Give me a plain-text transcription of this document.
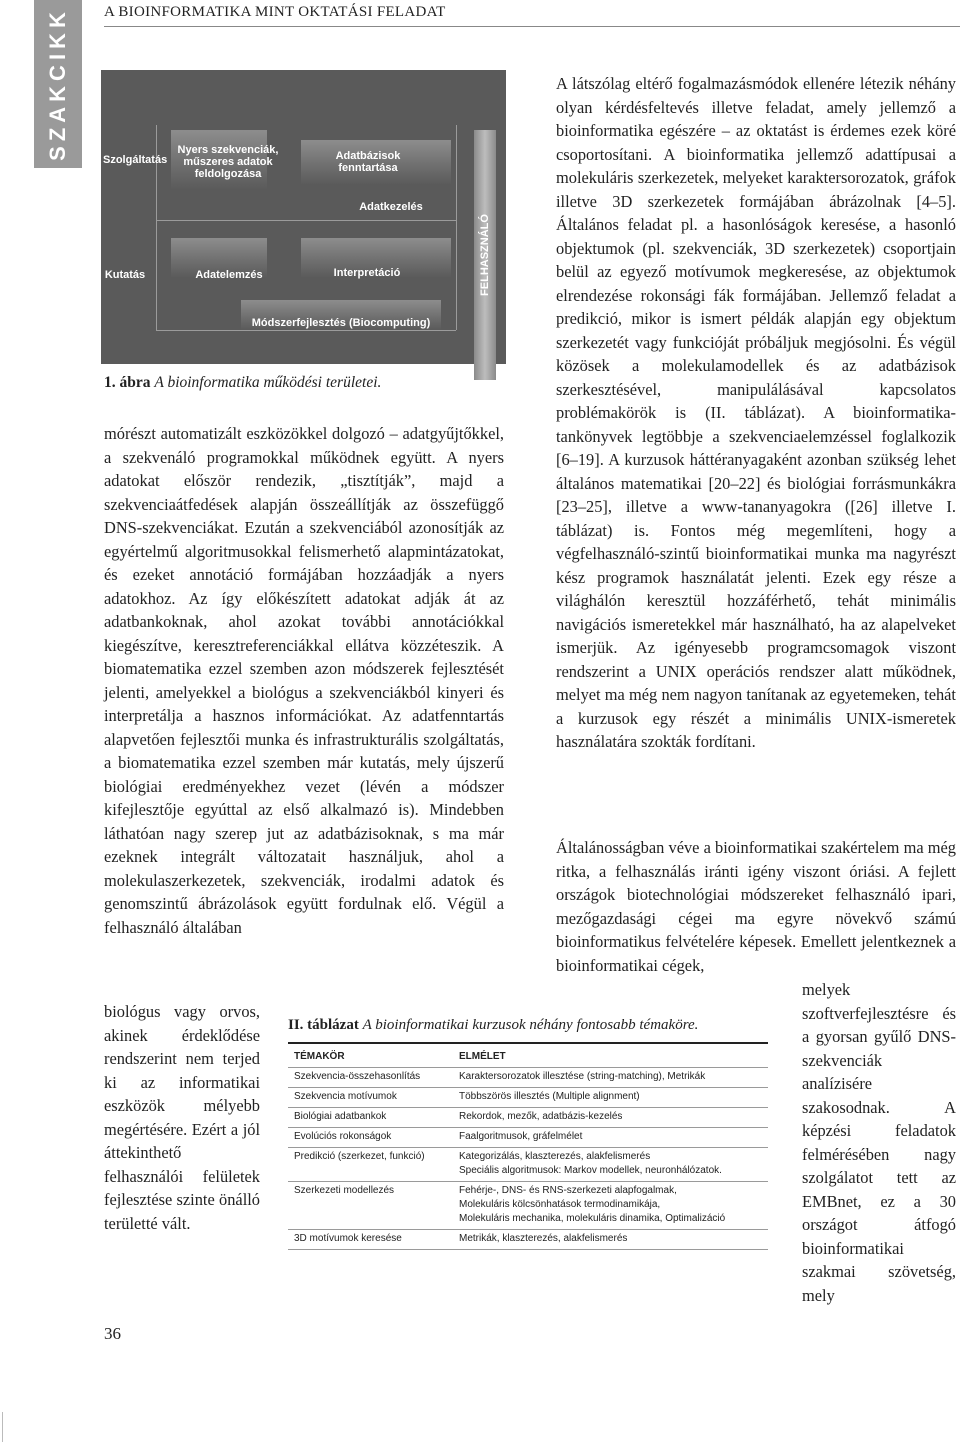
SZAKCIKK A BIOINFORMATIKA MINT OKTATÁSI FELADAT
Szolgáltatás
Nyers szekvenciák, műszeres adatok feldolgozása
Adatbázisok fenntartása
Adatkezelés
Kutatás	Adatelemzés	Interpretáció
Módszerfejlesztés (Biocomputing)
FELHASZNÁLÓ
1. ábra A bioinformatika működési területei.

mórészt automatizált eszközökkel dolgozó – adatgyűjtőkkel, a szekvenáló programokkal működnek együtt. A nyers adatokat először rendezik, „tisztítják”, majd a szekvenciaátfedések alapján összeállítják az összefüggő DNS-szekvenciákat. Ezután a szekvenciából azonosítják az egyértelmű algoritmusokkal felismerhető alapmintázatokat, és ezeket annotáció formájában hozzáadják a nyers adatokhoz. Az így előkészített adatokat adják át az adatbankoknak, ahol azokat további annotációkkal kiegészítve, keresztreferenciákkal ellátva közzéteszik. A biomatematika ezzel szemben azon módszerek fejlesztését jelenti, amelyekkel a biológus a szekvenciákból kinyeri és interpretálja a hasznos információkat. Az adatfenntartás alapvetően fejlesztői munka és infrastrukturális szolgáltatás, a biomatematika ezzel szemben már kutatás, mely újszerű biológiai eredményekhez vezet (lévén a módszer kifejlesztője egyúttal az első alkalmazó is). Mindebben láthatóan nagy szerep jut az adatbázisoknak, s ma már ezeknek integrált változatait használjuk, ahol a molekulaszerkezetek, szekvenciák, irodalmi adatok és genomszintű ábrázolások együtt fordulnak elő. Végül a felhasználó általában

biológus vagy orvos, akinek érdeklődése rendszerint nem terjed ki az informatikai eszközök mélyebb megértésére. Ezért a jól áttekinthető felhasználói felületek fejlesztése szinte önálló területté vált.

A látszólag eltérő fogalmazásmódok ellenére létezik néhány olyan kérdésfeltevés illetve feladat, amely jellemző a bioinformatika egészére – az oktatást is érdemes ezek köré csoportosítani. A bioinformatika jellemző adattípusai a molekuláris szerkezetek, melyeket karaktersorozatok, gráfok illetve 3D szerkezetek formájában ábrázolnak [4–5]. Általános feladat pl. a hasonlóságok keresése, a hasonló objektumok (pl. szekvenciák, 3D szerkezetek) csoportjain belül az egyező motívumok megkeresése, az objektumok elrendezése rokonsági fák formájában. Jellemző feladat a predikció, mikor is ismert példák alapján egy objektum szerkezetét vagy funkcióját próbáljuk megjósolni. És végül közösek a molekulamodellek és az adatbázisok szerkesztésével, manipulálásával kapcsolatos problémakörök is (II. táblázat). A bioinformatika-tankönyvek legtöbbje a szekvenciaelemzéssel foglalkozik [6–19]. A kurzusok háttéranyagaként azonban szükség lehet általános matematikai [20–22] és biológiai forrásmunkákra [23–25], illetve a www-tananyagokra ([26] illetve I. táblázat) is. Fontos még megemlíteni, hogy a végfelhasználó-szintű bioinformatikai munka ma nagyrészt kész programok használatát jelenti. Ezek egy része a világhálón keresztül hozzáférhető, tehát minimális navigációs ismeretekkel már használható, ha az alapelveket ismerjük. Az igényesebb programcsomagok viszont rendszerint a UNIX operációs rendszer alatt működnek, melyet ma még nem nagyon tanítanak az egyetemeken, tehát a kurzusok egy részét a minimális UNIX-ismeretek használatára szokták fordítani.

Általánosságban véve a bioinformatikai szakértelem ma még ritka, a felhasználás iránti igény viszont óriási. A fejlett országok biotechnológiai módszereket felhasználó ipari, mezőgazdasági cégei ma egyre növekvő számú bioinformatikus felvételére képesek. Emellett jelentkeznek a bioinformatikai cégek,

melyek szoftverfejlesztésre és a gyorsan gyűlő DNS-szekvenciák analízisére szakosodnak. A képzési feladatok felmérésében nagy szolgálatot tett az EMBnet, ez a 30 országot átfogó bioinformatikai szakmai szövetség, mely

II. táblázat A bioinformatikai kurzusok néhány fontosabb témaköre.
TÉMAKÖR	ELMÉLET
Szekvencia-összehasonlítás	Karaktersorozatok illesztése (string-matching), Metrikák
Szekvencia motívumok	Többszörös illesztés (Multiple alignment)
Biológiai adatbankok	Rekordok, mezők, adatbázis-kezelés
Evolúciós rokonságok	Faalgoritmusok, gráfelmélet
Predikció (szerkezet, funkció)	Kategorizálás, klaszterezés, alakfelismerés
Speciális algoritmusok: Markov modellek, neuronhálózatok.
Szerkezeti modellezés	Fehérje-, DNS- és RNS-szerkezeti alapfogalmak,
Molekuláris kölcsönhatások termodinamikája,
Molekuláris mechanika, molekuláris dinamika, Optimalizáció
3D motívumok keresése	Metrikák, klaszterezés, alakfelismerés
36
